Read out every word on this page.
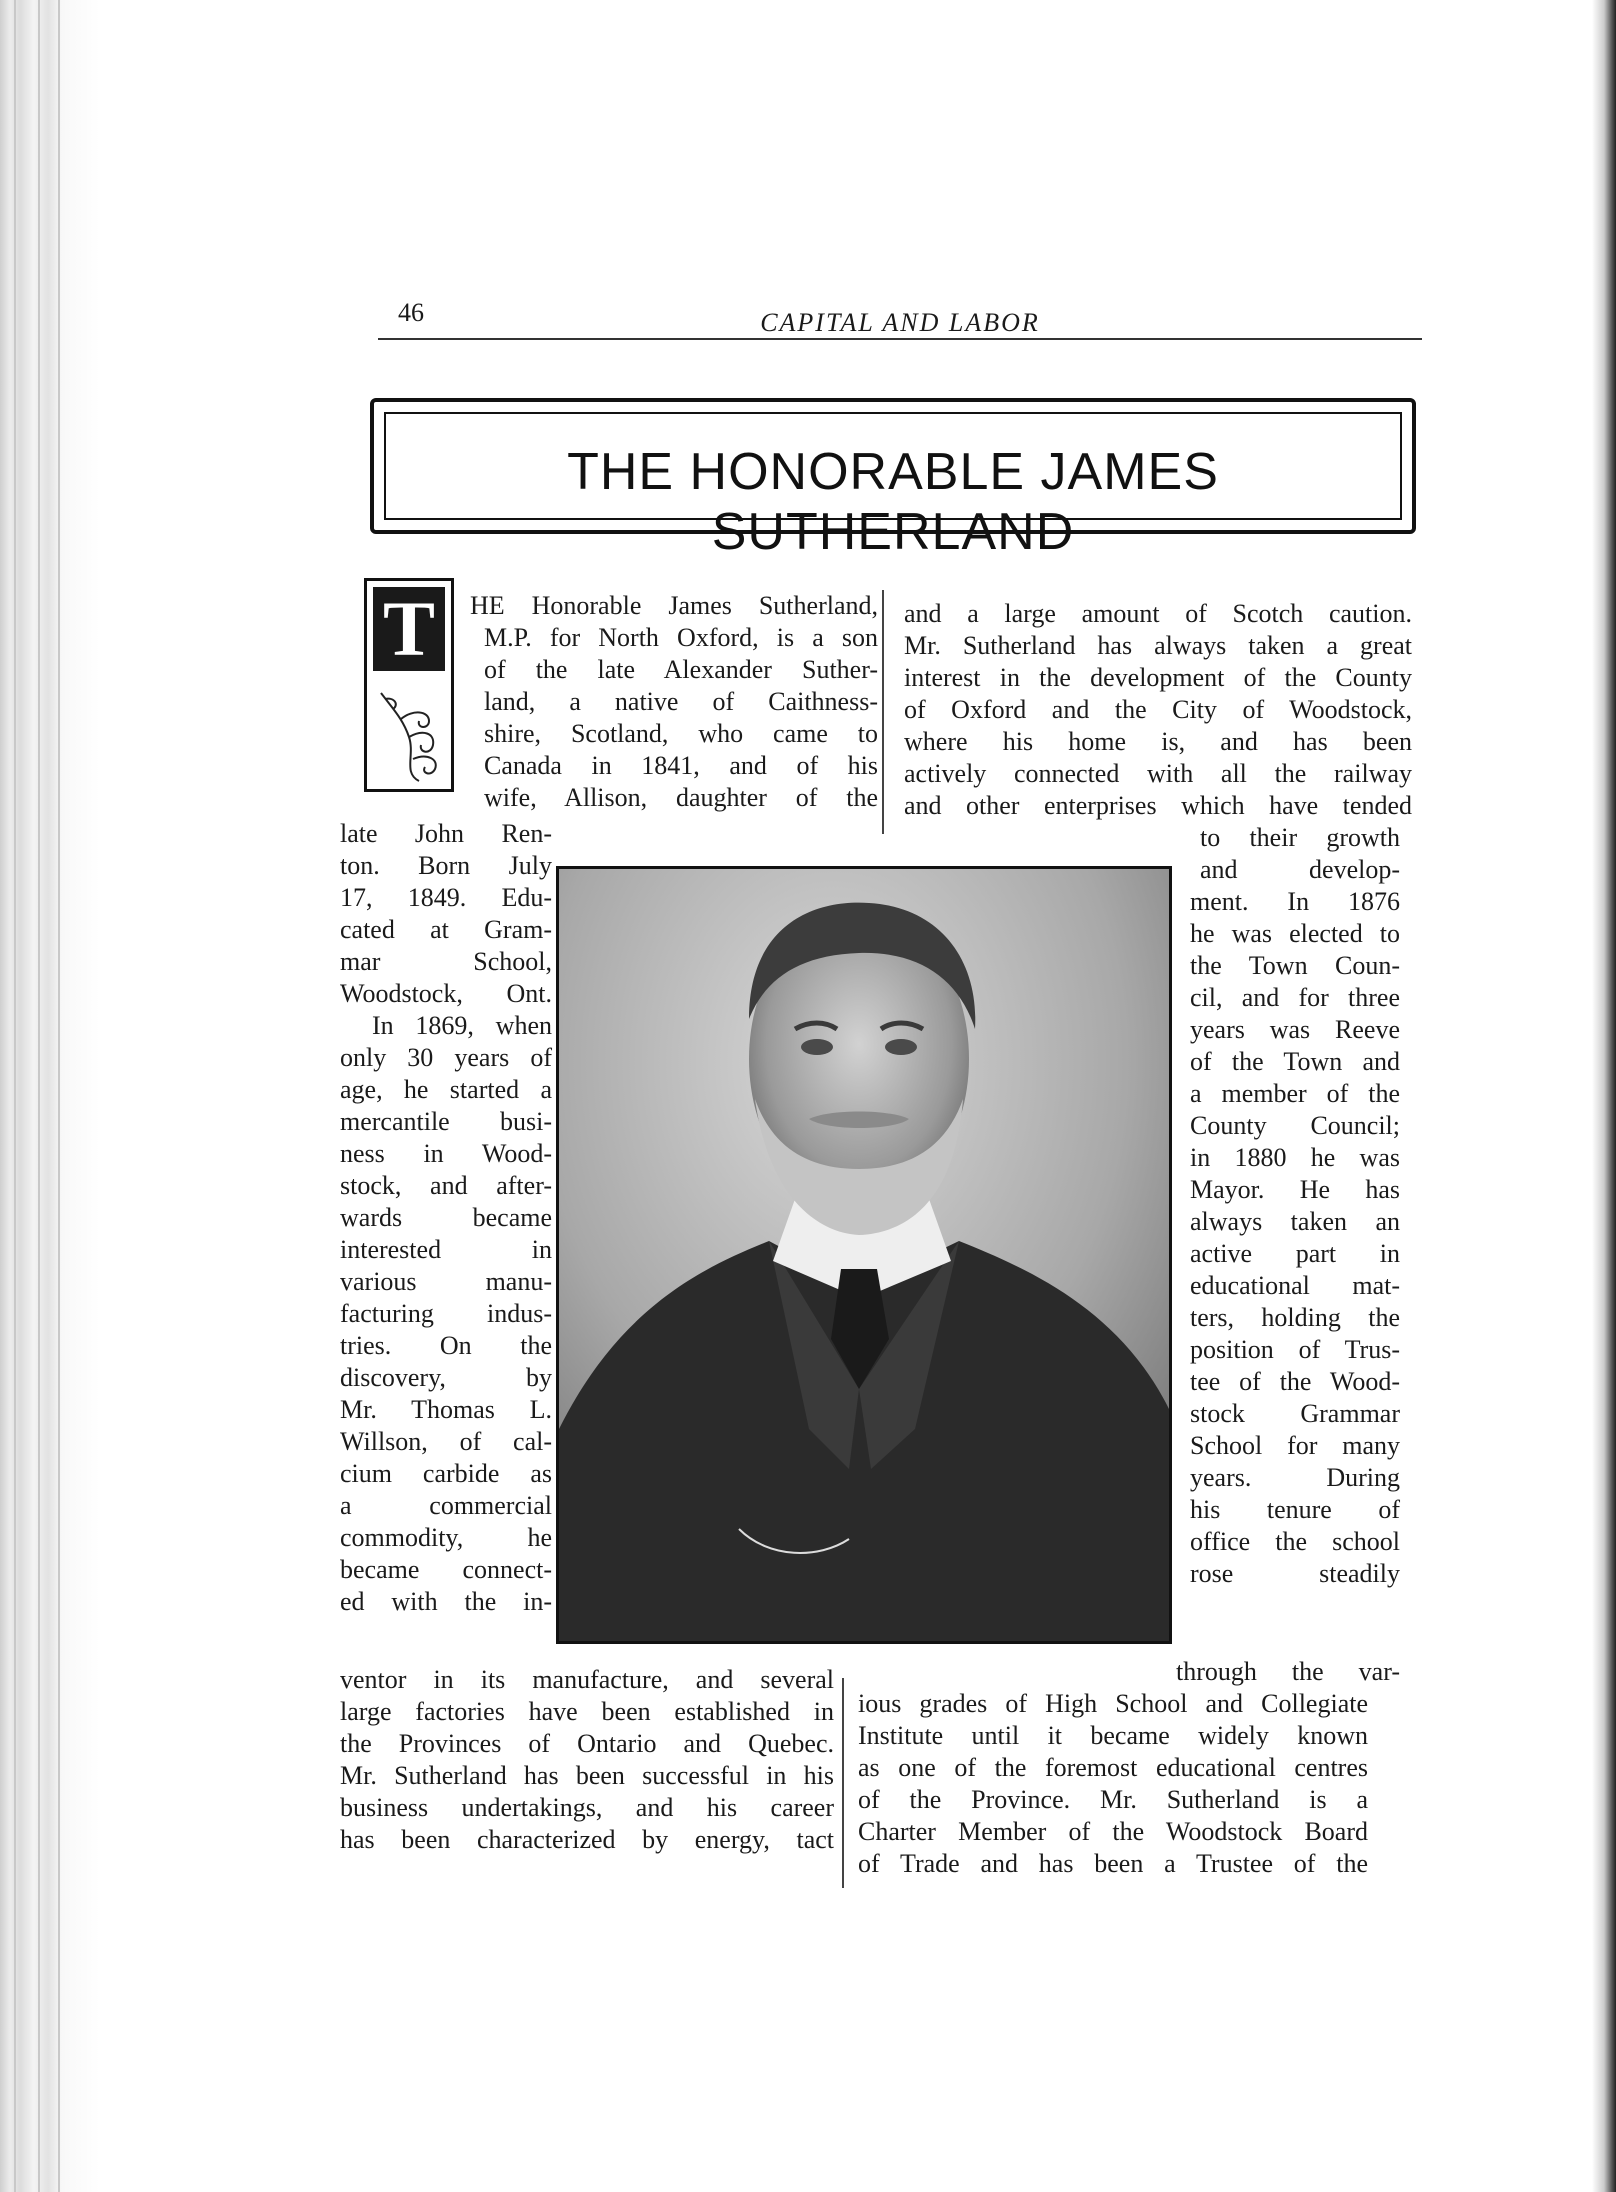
46	CAPITAL AND LABOR
THE HONORABLE JAMES SUTHERLAND
T	HE Honorable James Sutherland,
M.P. for North Oxford, is a son
of the late Alexander Suther-
land, a native of Caithness-
shire, Scotland, who came to
Canada in 1841, and of his
wife, Allison, daughter of the
late John Ren-
ton. Born July
17, 1849. Edu-
cated at Gram-
mar School,
Woodstock, Ont.
In 1869, when
only 30 years of
age, he started a
mercantile busi-
ness in Wood-
stock, and after-
wards became
interested in
various manu-
facturing indus-
tries. On the
discovery, by
Mr. Thomas L.
Willson, of cal-
cium carbide as
a commercial
commodity, he
became connect-
ed with the in-
ventor in its manufacture, and several
large factories have been established in
the Provinces of Ontario and Quebec.
Mr. Sutherland has been successful in his
business undertakings, and his career
has been characterized by energy, tact
and a large amount of Scotch caution.
Mr. Sutherland has always taken a great
interest in the development of the County
of Oxford and the City of Woodstock,
where his home is, and has been
actively connected with all the railway
and other enterprises which have tended
to their growth
and develop-
ment. In 1876
he was elected to
the Town Coun-
cil, and for three
years was Reeve
of the Town and
a member of the
County Council;
in 1880 he was
Mayor. He has
always taken an
active part in
educational mat-
ters, holding the
position of Trus-
tee of the Wood-
stock Grammar
School for many
years. During
his tenure of
office the school
rose steadily
through the var-
ious grades of High School and Collegiate
Institute until it became widely known
as one of the foremost educational centres
of the Province. Mr. Sutherland is a
Charter Member of the Woodstock Board
of Trade and has been a Trustee of the
